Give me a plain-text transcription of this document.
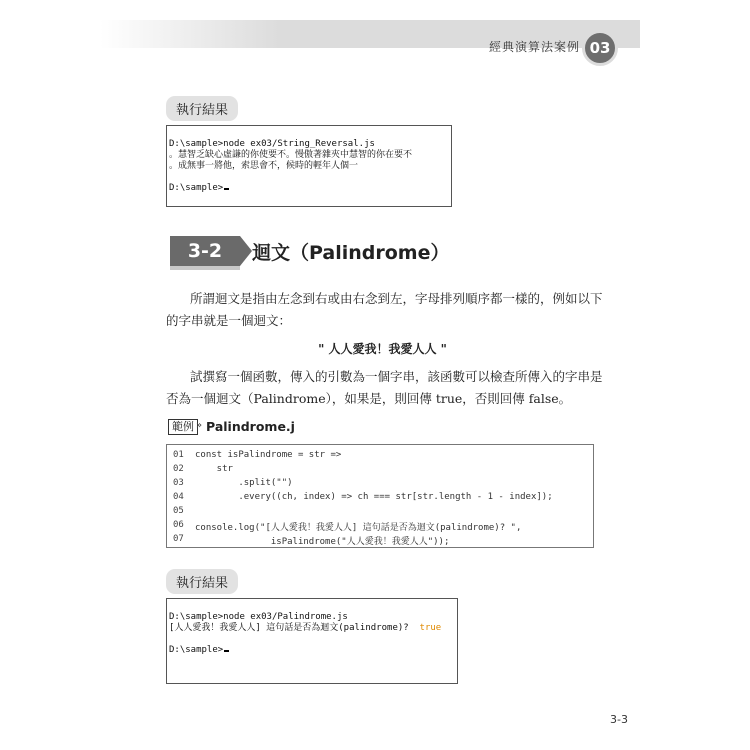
經典演算法案例 03
執行結果

D:\sample>node ex03/String_Reversal.js
。慧智乏缺心虛謙的你使要不。慢傲著雜夾中慧智的你在要不
。成無事一將他，索思會不，候時的輕年人個一
D:\sample>

3-2	迴文（Palindrome）
所謂迴文是指由左念到右或由右念到左，字母排列順序都一樣的，例如以下
的字串就是一個迴文：
" 人人愛我！我愛人人 "
試撰寫一個函數，傳入的引數為一個字串，該函數可以檢查所傳入的字串是
否為一個迴文（Palindrome），如果是，則回傳 true，否則回傳 false。
範例 » Palindrome.j
01	const isPalindrome = str =>
02	str
03	.split("")
04	.every((ch, index) => ch === str[str.length - 1 - index]);
05
06	console.log("[人人愛我！我愛人人] 這句話是否為迴文(palindrome)? ",
07	isPalindrome("人人愛我！我愛人人"));
執行結果

D:\sample>node ex03/Palindrome.js
[人人愛我！我愛人人] 這句話是否為迴文(palindrome)? true
D:\sample>

3-3
